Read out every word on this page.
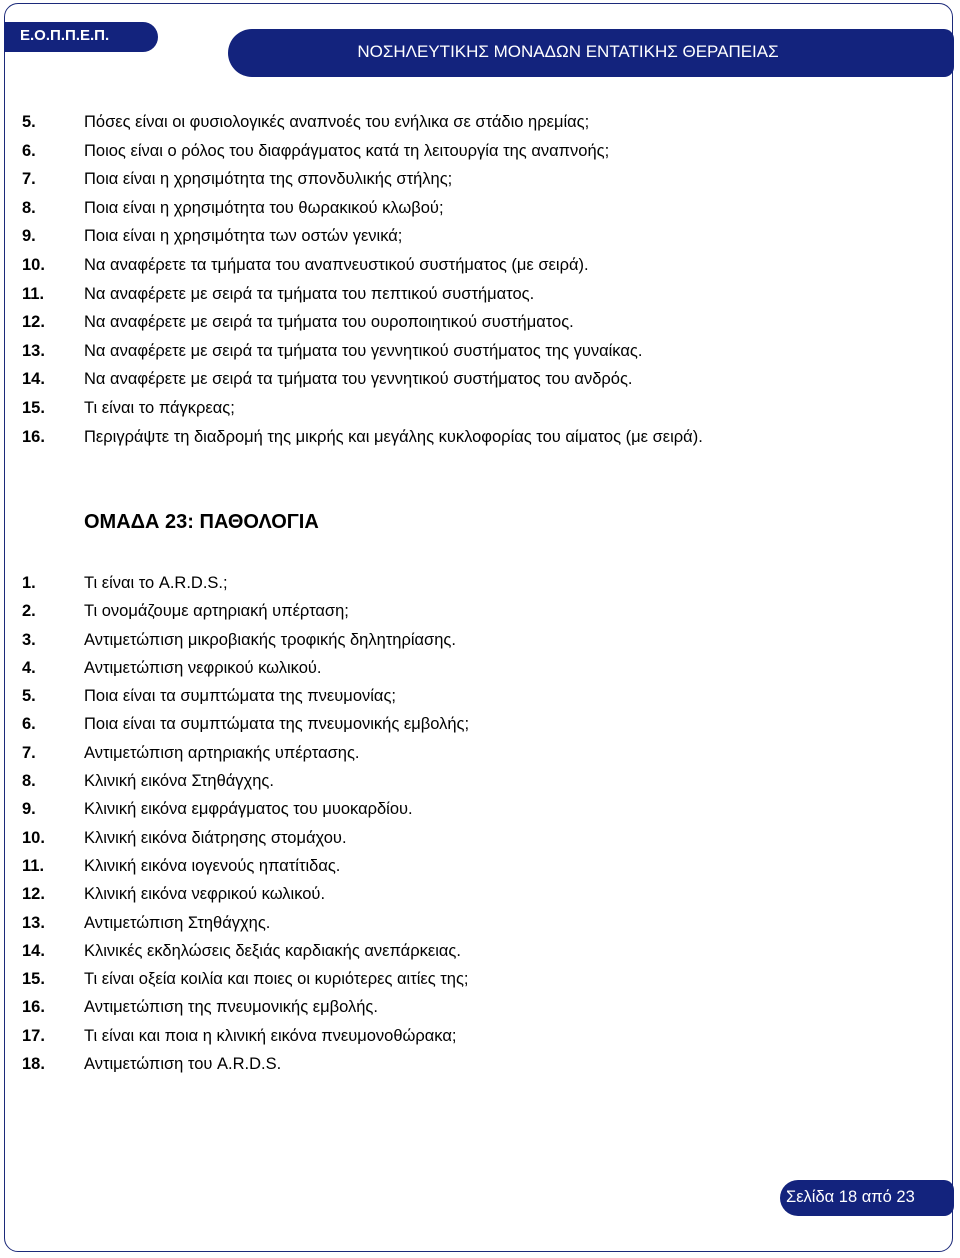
Ε.Ο.Π.Π.Ε.Π.
ΝΟΣΗΛΕΥΤΙΚΗΣ ΜΟΝΑΔΩΝ ΕΝΤΑΤΙΚΗΣ ΘΕΡΑΠΕΙΑΣ
5.	Πόσες είναι οι φυσιολογικές αναπνοές του ενήλικα σε στάδιο ηρεμίας;
6.	Ποιος είναι ο ρόλος του διαφράγματος κατά τη λειτουργία της αναπνοής;
7.	Ποια είναι η χρησιμότητα της σπονδυλικής στήλης;
8.	Ποια είναι η χρησιμότητα του θωρακικού κλωβού;
9.	Ποια είναι η χρησιμότητα των οστών γενικά;
10. Να αναφέρετε τα τμήματα του αναπνευστικού συστήματος (με σειρά).
11. Να αναφέρετε με σειρά τα τμήματα του πεπτικού συστήματος.
12. Να αναφέρετε με σειρά τα τμήματα του ουροποιητικού συστήματος.
13. Να αναφέρετε με σειρά τα τμήματα του γεννητικού συστήματος της γυναίκας.
14. Να αναφέρετε με σειρά τα τμήματα του γεννητικού συστήματος του ανδρός.
15. Τι είναι το πάγκρεας;
16. Περιγράψτε τη διαδρομή της μικρής και μεγάλης κυκλοφορίας του αίματος (με σειρά).
ΟΜΑΔΑ 23: ΠΑΘΟΛΟΓΙΑ
1.	Τι είναι το A.R.D.S.;
2.	Τι ονομάζουμε αρτηριακή υπέρταση;
3.	Αντιμετώπιση μικροβιακής τροφικής δηλητηρίασης.
4.	Αντιμετώπιση νεφρικού κωλικού.
5.	Ποια είναι τα συμπτώματα της πνευμονίας;
6.	Ποια είναι τα συμπτώματα της πνευμονικής εμβολής;
7.	Αντιμετώπιση αρτηριακής υπέρτασης.
8.	Κλινική εικόνα Στηθάγχης.
9.	Κλινική εικόνα εμφράγματος του μυοκαρδίου.
10. Κλινική εικόνα διάτρησης στομάχου.
11. Κλινική εικόνα ιογενούς ηπατίτιδας.
12. Κλινική εικόνα νεφρικού κωλικού.
13. Αντιμετώπιση Στηθάγχης.
14. Κλινικές εκδηλώσεις δεξιάς καρδιακής ανεπάρκειας.
15. Τι είναι οξεία κοιλία και ποιες οι κυριότερες αιτίες της;
16. Αντιμετώπιση της πνευμονικής εμβολής.
17. Τι είναι και ποια η κλινική εικόνα πνευμονοθώρακα;
18. Αντιμετώπιση του A.R.D.S.
Σελίδα 18 από 23
